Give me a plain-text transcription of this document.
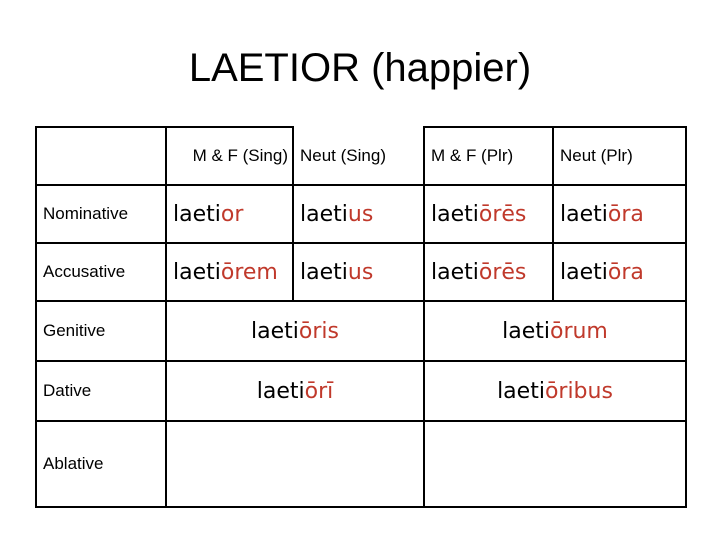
LAETIOR (happier)
	M & F (Sing)	Neut (Sing)	M & F (Plr)	Neut (Plr)
Nominative	laetior	laetius	laetiōrēs	laetiōra
Accusative	laetiōrem	laetius	laetiōrēs	laetiōra
Genitive	laetiōris		laetiōrum	
Dative	laetiōrī		laetiōribus	
Ablative				
